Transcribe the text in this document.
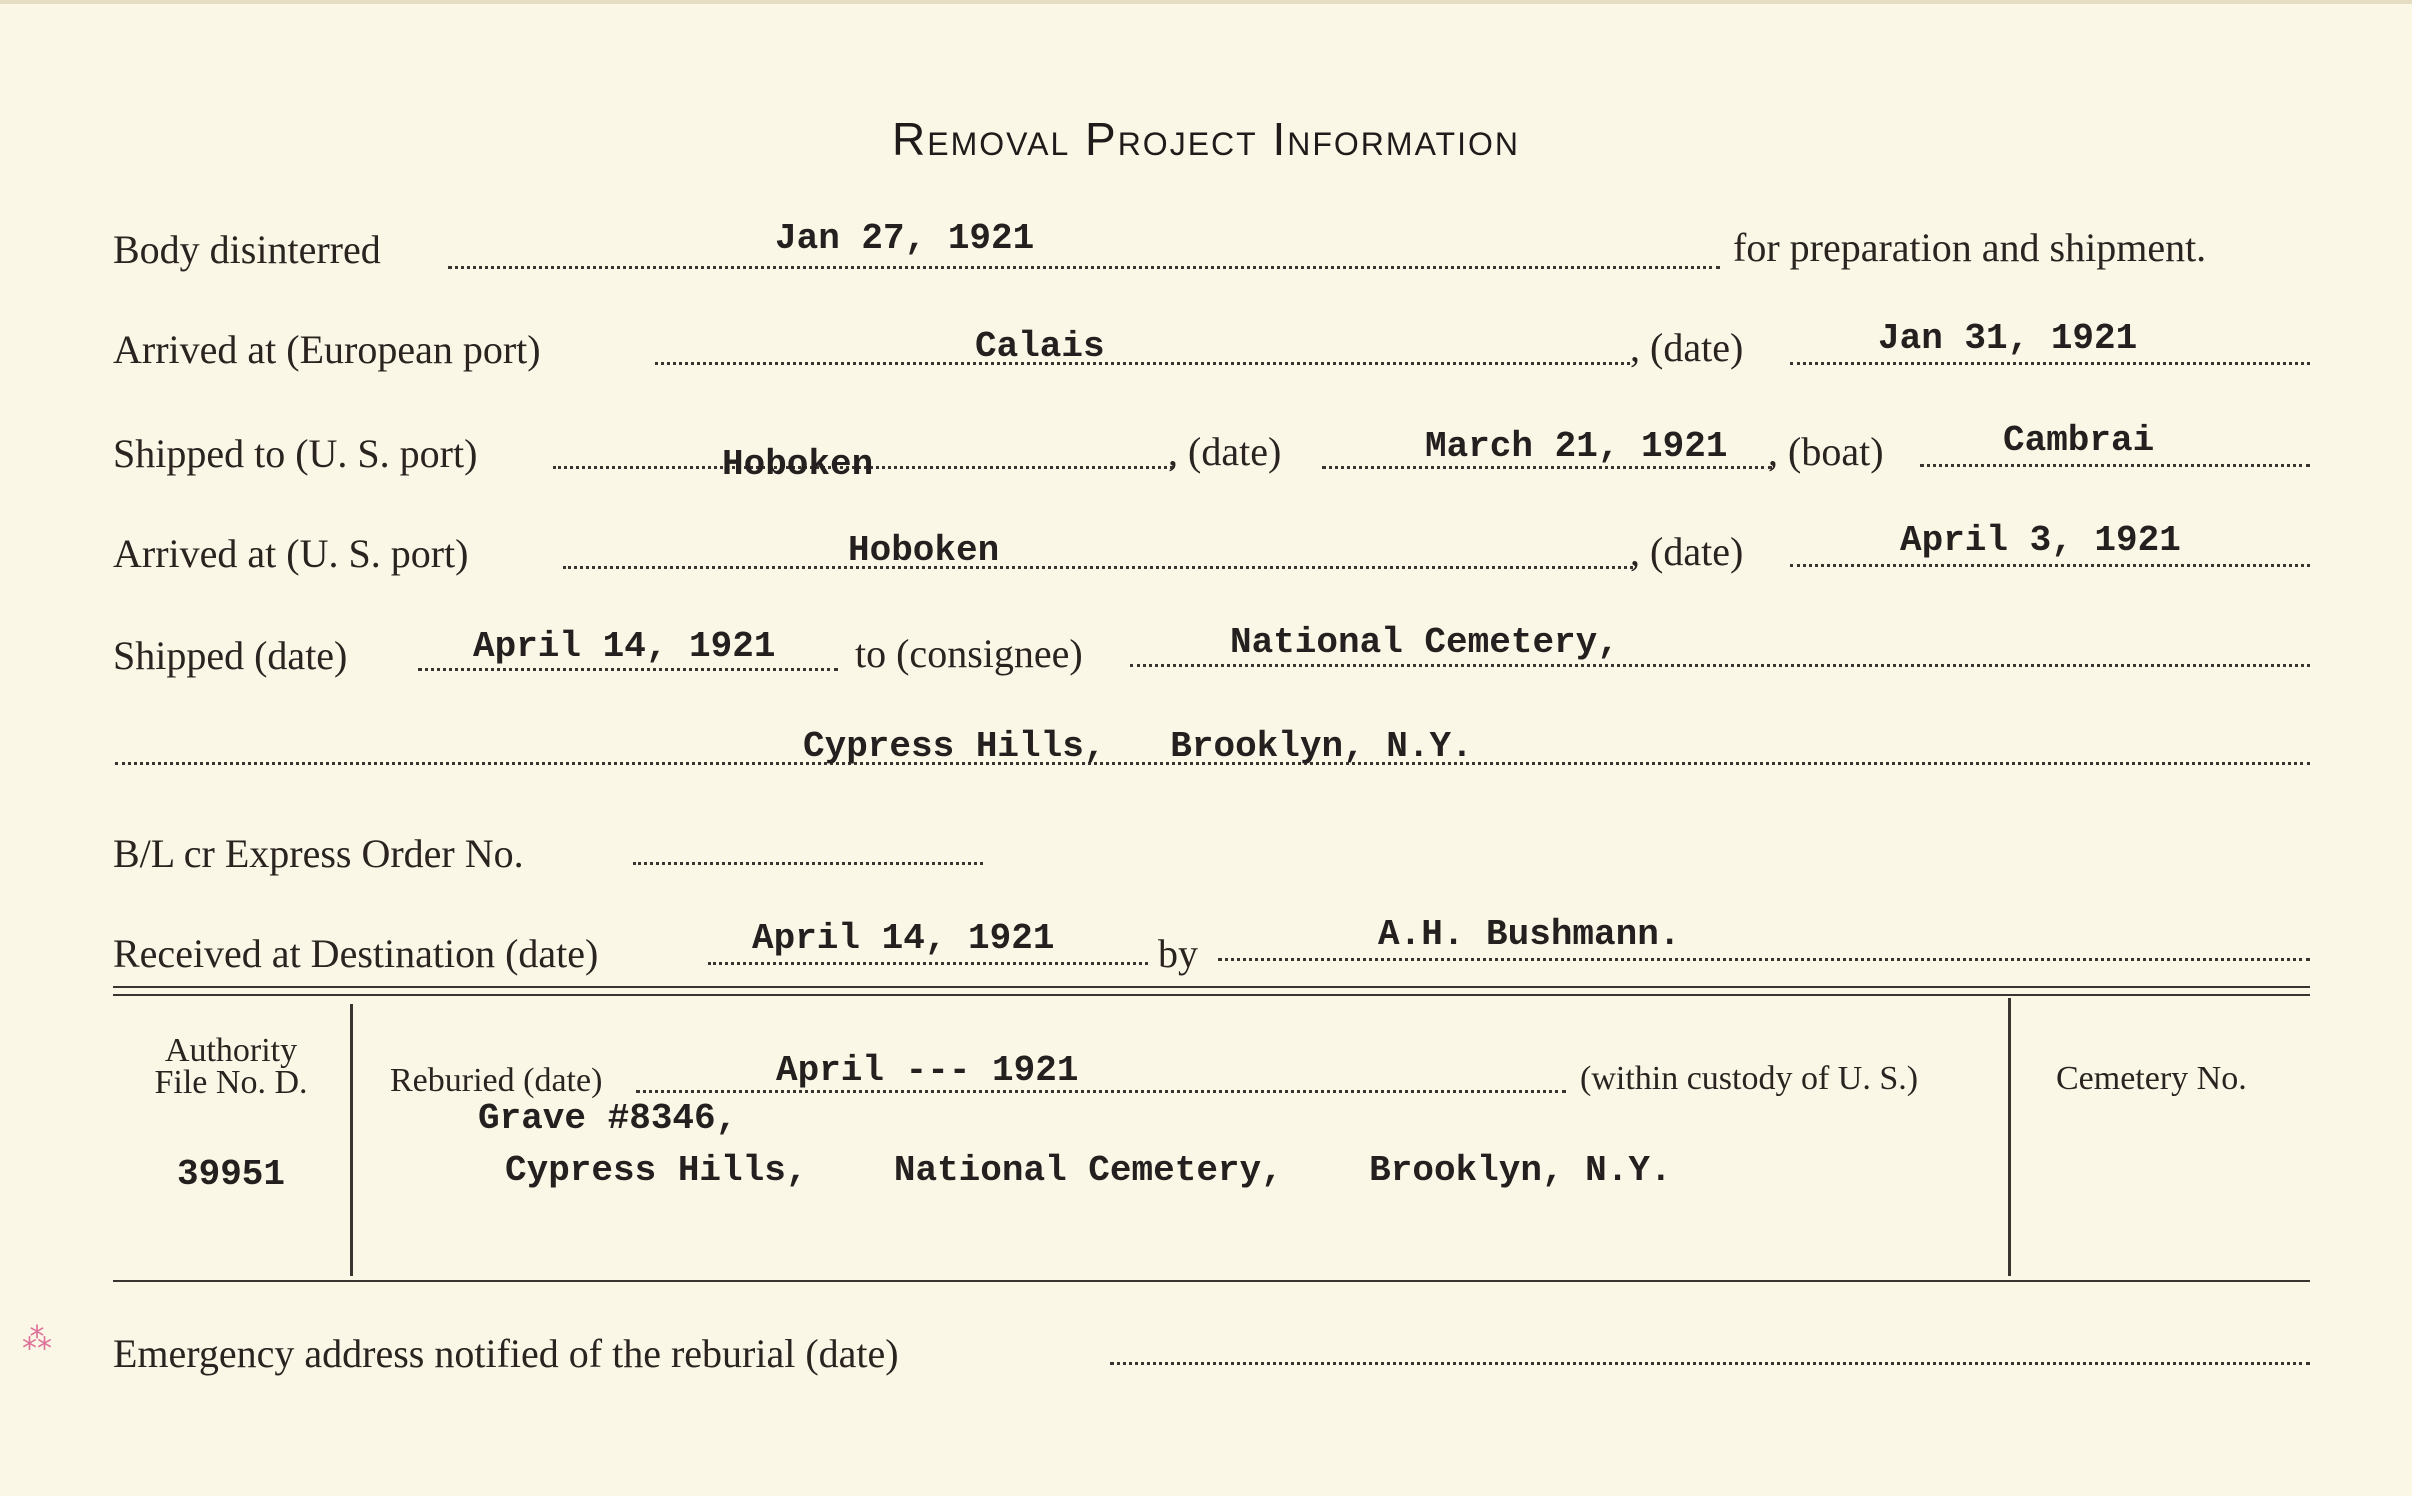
Removal Project Information
Body disinterred	Jan 27, 1921	for preparation and shipment.
Arrived at (European port)	Calais	, (date)	Jan 31, 1921
Shipped to (U. S. port)	Hoboken	, (date)	March 21, 1921 , (boat)	Cambrai
Arrived at (U. S. port)	Hoboken	, (date)	April 3, 1921
Shipped (date)	April 14, 1921 to (consignee)	National Cemetery,
Cypress Hills,   Brooklyn, N.Y.
B/L cr Express Order No.
Received at Destination (date)	April 14, 1921	by	A.H. Bushmann.
Authority
File No. D.
39951
Reburied (date)	April --- 1921	(within custody of U. S.)
Grave #8346,
Cypress Hills,    National Cemetery,    Brooklyn, N.Y.
Cemetery No.
⁂ Emergency address notified of the reburial (date)
